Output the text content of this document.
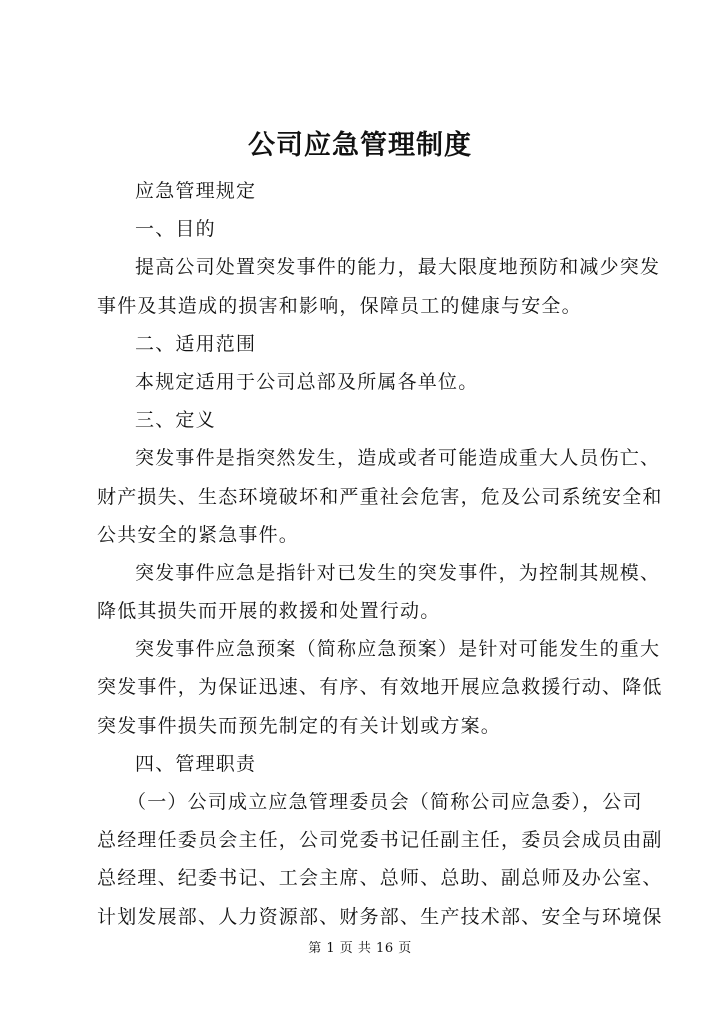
公司应急管理制度
应急管理规定
一、目的
提高公司处置突发事件的能力，最大限度地预防和减少突发
事件及其造成的损害和影响，保障员工的健康与安全。
二、适用范围
本规定适用于公司总部及所属各单位。
三、定义
突发事件是指突然发生，造成或者可能造成重大人员伤亡、
财产损失、生态环境破坏和严重社会危害，危及公司系统安全和
公共安全的紧急事件。
突发事件应急是指针对已发生的突发事件，为控制其规模、
降低其损失而开展的救援和处置行动。
突发事件应急预案（简称应急预案）是针对可能发生的重大
突发事件，为保证迅速、有序、有效地开展应急救援行动、降低
突发事件损失而预先制定的有关计划或方案。
四、管理职责
（一）公司成立应急管理委员会（简称公司应急委），公司
总经理任委员会主任，公司党委书记任副主任，委员会成员由副
总经理、纪委书记、工会主席、总师、总助、副总师及办公室、
计划发展部、人力资源部、财务部、生产技术部、安全与环境保
第 1 页 共 16 页
